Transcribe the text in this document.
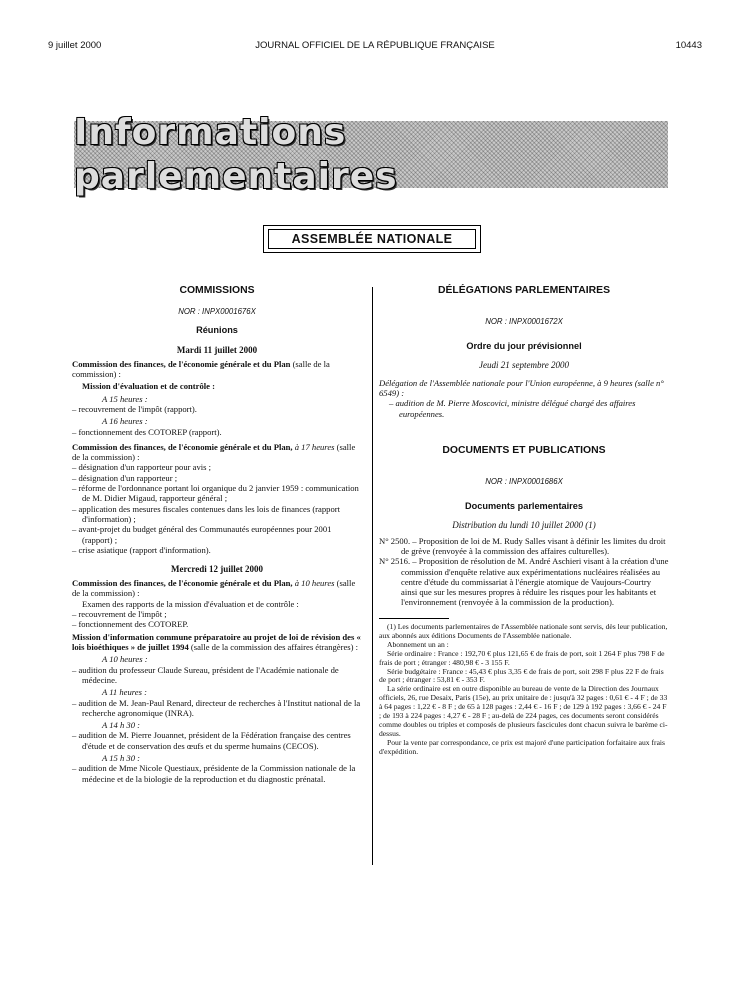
9 juillet 2000	JOURNAL OFFICIEL DE LA RÉPUBLIQUE FRANÇAISE	10443
Informations parlementaires
ASSEMBLÉE NATIONALE

COMMISSIONS

NOR : INPX0001676X

Réunions

Mardi 11 juillet 2000

Commission des finances, de l'économie générale et du Plan (salle de la commission) :

Mission d'évaluation et de contrôle :

A 15 heures :

– recouvrement de l'impôt (rapport).

A 16 heures :

– fonctionnement des COTOREP (rapport).

Commission des finances, de l'économie générale et du Plan, à 17 heures (salle de la commission) :

– désignation d'un rapporteur pour avis ;

– désignation d'un rapporteur ;

– réforme de l'ordonnance portant loi organique du 2 janvier 1959 : communication de M. Didier Migaud, rapporteur général ;

– application des mesures fiscales contenues dans les lois de finances (rapport d'information) ;

– avant-projet du budget général des Communautés européennes pour 2001 (rapport) ;

– crise asiatique (rapport d'information).

Mercredi 12 juillet 2000

Commission des finances, de l'économie générale et du Plan, à 10 heures (salle de la commission) :

Examen des rapports de la mission d'évaluation et de contrôle :

– recouvrement de l'impôt ;

– fonctionnement des COTOREP.

Mission d'information commune préparatoire au projet de loi de révision des « lois bioéthiques » de juillet 1994 (salle de la commission des affaires étrangères) :

A 10 heures :

– audition du professeur Claude Sureau, président de l'Académie nationale de médecine.

A 11 heures :

– audition de M. Jean-Paul Renard, directeur de recherches à l'Institut national de la recherche agronomique (INRA).

A 14 h 30 :

– audition de M. Pierre Jouannet, président de la Fédération française des centres d'étude et de conservation des œufs et du sperme humains (CECOS).

A 15 h 30 :

– audition de Mme Nicole Questiaux, présidente de la Commission nationale de la médecine et de la biologie de la reproduction et du diagnostic prénatal.

DÉLÉGATIONS PARLEMENTAIRES

NOR : INPX0001672X

Ordre du jour prévisionnel

Jeudi 21 septembre 2000

Délégation de l'Assemblée nationale pour l'Union européenne, à 9 heures (salle n° 6549) :

– audition de M. Pierre Moscovici, ministre délégué chargé des affaires européennes.

DOCUMENTS ET PUBLICATIONS

NOR : INPX0001686X

Documents parlementaires

Distribution du lundi 10 juillet 2000 (1)

N° 2500. – Proposition de loi de M. Rudy Salles visant à définir les limites du droit de grève (renvoyée à la commission des affaires culturelles).

N° 2516. – Proposition de résolution de M. André Aschieri visant à la création d'une commission d'enquête relative aux expérimentations nucléaires réalisées au centre d'étude du commissariat à l'énergie atomique de Vaujours-Courtry ainsi que sur les mesures propres à réduire les risques pour les habitants et l'environnement (renvoyée à la commission de la production).

(1) Les documents parlementaires de l'Assemblée nationale sont servis, dès leur publication, aux abonnés aux éditions Documents de l'Assemblée nationale.

Abonnement un an :

Série ordinaire : France : 192,70 € plus 121,65 € de frais de port, soit 1 264 F plus 798 F de frais de port ; étranger : 480,98 € - 3 155 F.

Série budgétaire : France : 45,43 € plus 3,35 € de frais de port, soit 298 F plus 22 F de frais de port ; étranger : 53,81 € - 353 F.

La série ordinaire est en outre disponible au bureau de vente de la Direction des Journaux officiels, 26, rue Desaix, Paris (15e), au prix unitaire de : jusqu'à 32 pages : 0,61 € - 4 F ; de 33 à 64 pages : 1,22 € - 8 F ; de 65 à 128 pages : 2,44 € - 16 F ; de 129 à 192 pages : 3,66 € - 24 F ; de 193 à 224 pages : 4,27 € - 28 F ; au-delà de 224 pages, ces documents seront considérés comme doubles ou triples et composés de plusieurs fascicules dont chacun suivra le barème ci-dessus.

Pour la vente par correspondance, ce prix est majoré d'une participation forfaitaire aux frais d'expédition.
